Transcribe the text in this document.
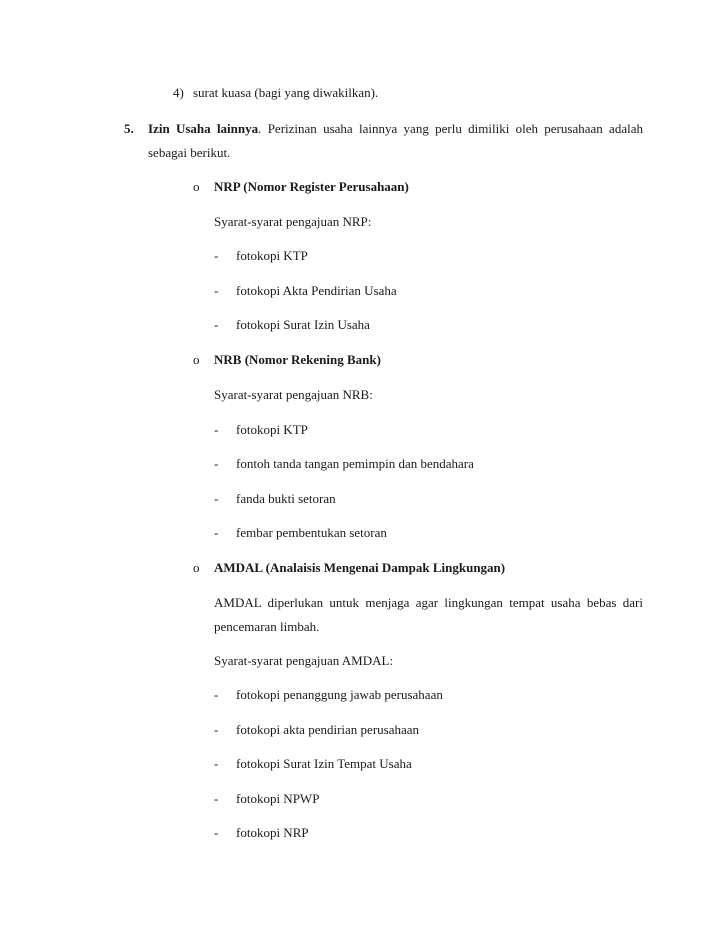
4) surat kuasa (bagi yang diwakilkan).
5. Izin Usaha lainnya. Perizinan usaha lainnya yang perlu dimiliki oleh perusahaan adalah
sebagai berikut.
o NRP (Nomor Register Perusahaan)
Syarat-syarat pengajuan NRP:
- fotokopi KTP
- fotokopi Akta Pendirian Usaha
- fotokopi Surat Izin Usaha
o NRB (Nomor Rekening Bank)
Syarat-syarat pengajuan NRB:
- fotokopi KTP
- fontoh tanda tangan pemimpin dan bendahara
- fanda bukti setoran
- fembar pembentukan setoran
o AMDAL (Analaisis Mengenai Dampak Lingkungan)
AMDAL diperlukan untuk menjaga agar lingkungan tempat usaha bebas dari
pencemaran limbah.
Syarat-syarat pengajuan AMDAL:
- fotokopi penanggung jawab perusahaan
- fotokopi akta pendirian perusahaan
- fotokopi Surat Izin Tempat Usaha
- fotokopi NPWP
- fotokopi NRP
